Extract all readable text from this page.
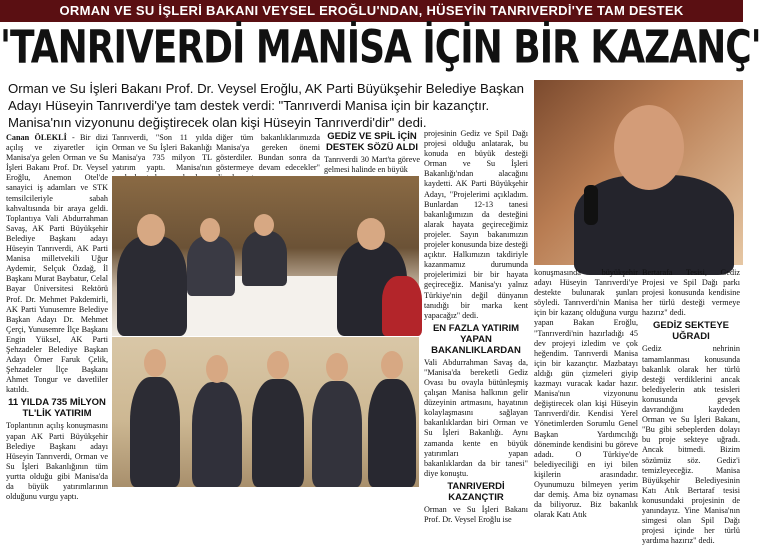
ORMAN VE SU İŞLERİ BAKANI VEYSEL EROĞLU'NDAN, HÜSEYİN TANRIVERDİ'YE TAM DESTEK
'TANRIVERDİ MANİSA İÇİN BİR KAZANÇ'
Orman ve Su İşleri Bakanı Prof. Dr. Veysel Eroğlu, AK Parti Büyükşehir Belediye Başkan Adayı Hüseyin Tanrıverdi'ye tam destek verdi: "Tanrıverdi Manisa için bir kazançtır. Manisa'nın vizyonunu değiştirecek olan kişi Hüseyin Tanrıverdi'dir" dedi.

Canan ÖLEKLİ - Bir dizi açılış ve ziyaretler için Manisa'ya gelen Orman ve Su İşleri Bakanı Prof. Dr. Veysel Eroğlu, Anemon Otel'de sanayici iş adamları ve STK temsilcileriyle sabah kahvaltısında bir araya geldi. Toplantıya Vali Abdurrahman Savaş, AK Parti Büyükşehir Belediye Başkanı adayı Hüseyin Tanrıverdi, AK Parti Manisa milletvekili Uğur Aydemir, Selçuk Özdağ, İl Başkanı Murat Baybatur, Celal Bayar Üniversitesi Rektörü Prof. Dr. Mehmet Pakdemirli, AK Parti Yunusemre Belediye Başkan Adayı Dr. Mehmet Çerçi, Yunusemre İlçe Başkanı Engin Yüksel, AK Parti Şehzadeler Belediye Başkan Adayı Ömer Faruk Çelik, Şehzadeler İlçe Başkanı Ahmet Tongur ve davetliler katıldı.

11 YILDA 735 MİLYON TL'LİK YATIRIM

Toplantının açılış konuşmasını yapan AK Parti Büyükşehir Belediye Başkanı adayı Hüseyin Tanrıverdi, Orman ve Su İşleri Bakanlığının tüm yurtta olduğu gibi Manisa'da da büyük yatırımlarının olduğunu vurgu yaptı.

Tanrıverdi, "Son 11 yılda Orman ve Su İşleri Bakanlığı Manisa'ya 735 milyon TL yatırım yaptı. Manisa'nın

diğer tüm bakanlıklarımızda Manisa'ya gereken önemi gösterdiler. Bundan sonra da göstermeye devam edecekler"

GEDİZ VE SPİL İÇİN DESTEK SÖZÜ ALDI

Tanrıverdi 30 Mart'ta göreve gelmesi halinde en büyük

projesinin Gediz ve Spil Dağı projesi olduğu anlatarak, bu konuda en büyük desteği Orman ve Su İşleri Bakanlığı'ndan alacağını kaydetti. AK Parti Büyükşehir Adayı, "Projelerimi açıkladım. Bunlardan 12-13 tanesi bakanlığımızın da desteğini alarak hayata geçireceğimiz projeler. Sayın bakanımızın projeler konusunda bize desteği açıktır. Halkımızın takdiriyle kazanmamız durumunda projelerimizi bir bir hayata geçireceğiz. Manisa'yı yalnız Türkiye'nin değil dünyanın tanıdığı bir marka kent yapacağız" dedi.

EN FAZLA YATIRIM YAPAN BAKANLIKLARDAN

Vali Abdurrahman Savaş da, "Manisa'da bereketli Gediz Ovası bu ovayla bütünleşmiş çalışan Manisa halkının gelir düzeyinin artmasını, hayatının kolaylaşmasını sağlayan bakanlıklardan biri Orman ve Su İşleri Bakanlığı. Aynı zamanda kente en büyük yatırımları yapan bakanlıklardan da bir tanesi" diye konuştu.

TANRIVERDİ KAZANÇTIR

Orman ve Su İşleri Bakanı Prof. Dr. Veysel Eroğlu ise

konuşmasında büyükşehir adayı Hüseyin Tanrıverdi'ye destekte bulunarak şunları söyledi. Tanrıverdi'nin Manisa için bir kazanç olduğuna vurgu yapan Bakan Eroğlu, "Tanrıverdi'nin hazırladığı 45 dev projeyi izledim ve çok heğendim. Tanrıverdi Manisa için bir kazançtır. Mazbatayı aldığı gün çizmeleri giyip kazmayı vuracak kadar hazır. Manisa'nın vizyonunu değiştirecek olan kişi Hüseyin Tanrıverdi'dir. Kendisi Yerel Yönetimlerden Sorumlu Genel Başkan Yardımcılığı döneminde kendisini bu göreve adadı. O Türkiye'de belediyeciliği en iyi bilen kişilerin arasındadır. Oyunumuzu bilmeyen yerim dar demiş. Ama biz oynaması da biliyoruz. Biz bakanlık olarak Katı Atık

Bertarafa Tesisi, Gediz Projesi ve Spil Dağı parkı projesi konusunda kendisine her türlü desteği vermeye hazırız" dedi.

GEDİZ SEKTEYE UĞRADI

Gediz nehrinin tamamlanması konusunda bakanlık olarak her türlü desteği verdiklerini ancak belediyelerin atık tesisleri konusunda gevşek davrandığını kaydeden Orman ve Su İşleri Bakanı, "Bu gibi sebeplerden dolayı bu proje sekteye uğradı. Ancak bitmedi. Bizim sözümüz söz. Gediz'i temizleyeceğiz. Manisa Büyükşehir Belediyesinin Katı Atık Bertaraf tesisi konusundaki projesinin de yanındayız. Yine Manisa'nın simgesi olan Spil Dağı projesi içinde her türlü yardıma hazırız" dedi.
